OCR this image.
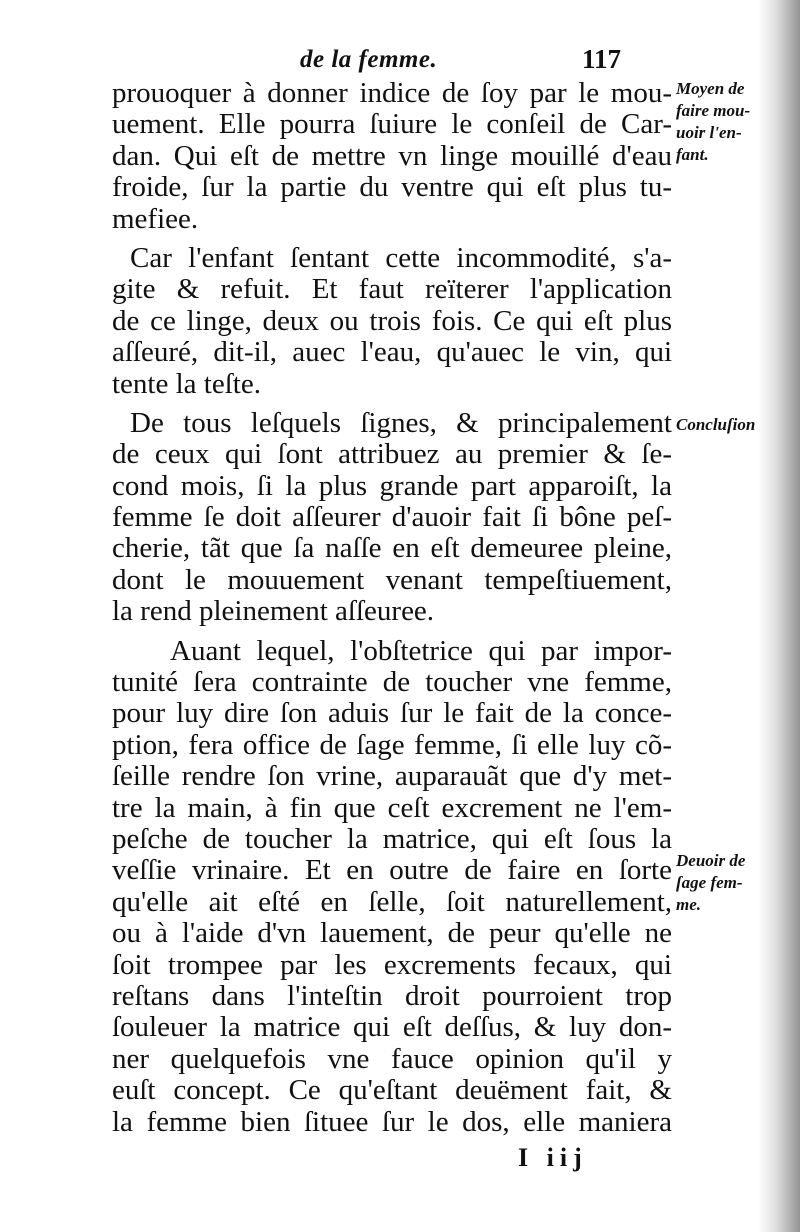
de la femme.	117
prouoquer à donner indice de ſoy par le mou-
uement. Elle pourra ſuiure le conſeil de Car-
dan. Qui eſt de mettre vn linge mouillé d'eau
froide, ſur la partie du ventre qui eſt plus tu-
mefiee.
Car l'enfant ſentant cette incommodité, s'a-
gite & refuit. Et faut reïterer l'application
de ce linge, deux ou trois fois. Ce qui eſt plus
aſſeuré, dit-il, auec l'eau, qu'auec le vin, qui
tente la teſte.
De tous leſquels ſignes, & principalement
de ceux qui ſont attribuez au premier & ſe-
cond mois, ſi la plus grande part apparoiſt, la
femme ſe doit aſſeurer d'auoir fait ſi bône peſ-
cherie, tãt que ſa naſſe en eſt demeuree pleine,
dont le mouuement venant tempeſtiuement,
la rend pleinement aſſeuree.
Auant lequel, l'obſtetrice qui par impor-
tunité ſera contrainte de toucher vne femme,
pour luy dire ſon aduis ſur le fait de la conce-
ption, fera office de ſage femme, ſi elle luy cõ-
ſeille rendre ſon vrine, auparauãt que d'y met-
tre la main, à fin que ceſt excrement ne l'em-
peſche de toucher la matrice, qui eſt ſous la
veſſie vrinaire. Et en outre de faire en ſorte
qu'elle ait eſté en ſelle, ſoit naturellement,
ou à l'aide d'vn lauement, de peur qu'elle ne
ſoit trompee par les excrements fecaux, qui
reſtans dans l'inteſtin droit pourroient trop
ſouleuer la matrice qui eſt deſſus, & luy don-
ner quelquefois vne fauce opinion qu'il y
euſt concept. Ce qu'eſtant deuëment fait, &
la femme bien ſituee ſur le dos, elle maniera
Moyen de
faire mou-
uoir l'en-
fant.
Concluſion
Deuoir de
ſage fem-
me.
I iij
